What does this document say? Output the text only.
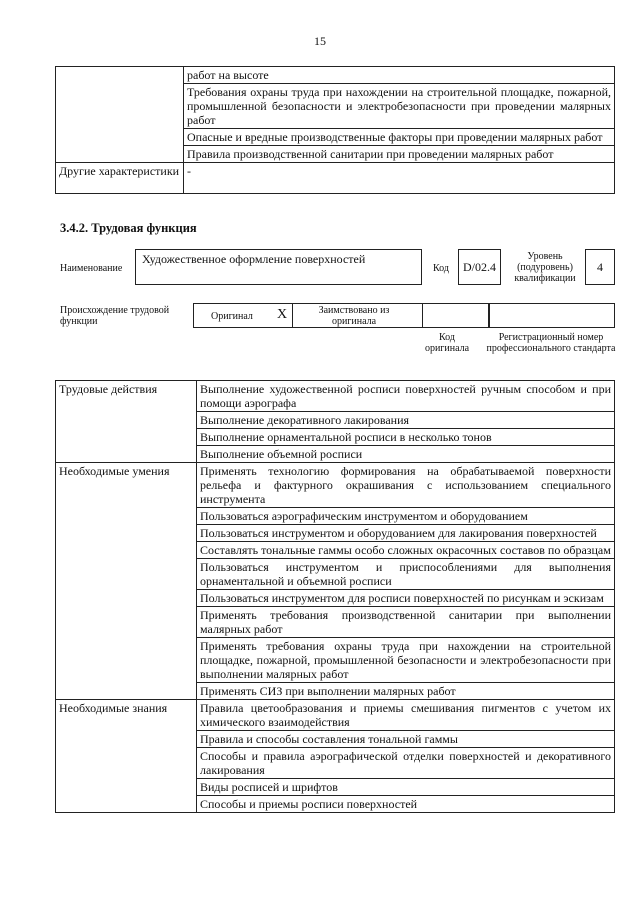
15
	работ на высоте
	Требования охраны труда при нахождении на строительной площадке, пожарной, промышленной безопасности и электробезопасности при проведении малярных работ
	Опасные и вредные производственные факторы при проведении малярных работ
	Правила производственной санитарии при проведении малярных работ
Другие характеристики	-
3.4.2. Трудовая функция
Наименование
Художественное оформление поверхностей
Код	D/02.4
Уровень (подуровень) квалификации
4
Происхождение трудовой функции	Оригинал X	Заимствовано из оригинала
Код оригинала
Регистрационный номер профессионального стандарта
Трудовые действия	Выполнение художественной росписи поверхностей ручным способом и при помощи аэрографа
	Выполнение декоративного лакирования
	Выполнение орнаментальной росписи в несколько тонов
	Выполнение объемной росписи
Необходимые умения	Применять технологию формирования на обрабатываемой поверхности рельефа и фактурного окрашивания с использованием специального инструмента
	Пользоваться аэрографическим инструментом и оборудованием
	Пользоваться инструментом и оборудованием для лакирования поверхностей
	Составлять тональные гаммы особо сложных окрасочных составов по образцам
	Пользоваться инструментом и приспособлениями для выполнения орнаментальной и объемной росписи
	Пользоваться инструментом для росписи поверхностей по рисункам и эскизам
	Применять требования производственной санитарии при выполнении малярных работ
	Применять требования охраны труда при нахождении на строительной площадке, пожарной, промышленной безопасности и электробезопасности при выполнении малярных работ
	Применять СИЗ при выполнении малярных работ
Необходимые знания	Правила цветообразования и приемы смешивания пигментов с учетом их химического взаимодействия
	Правила и способы составления тональной гаммы
	Способы и правила аэрографической отделки поверхностей и декоративного лакирования
	Виды росписей и шрифтов
	Способы и приемы росписи поверхностей
